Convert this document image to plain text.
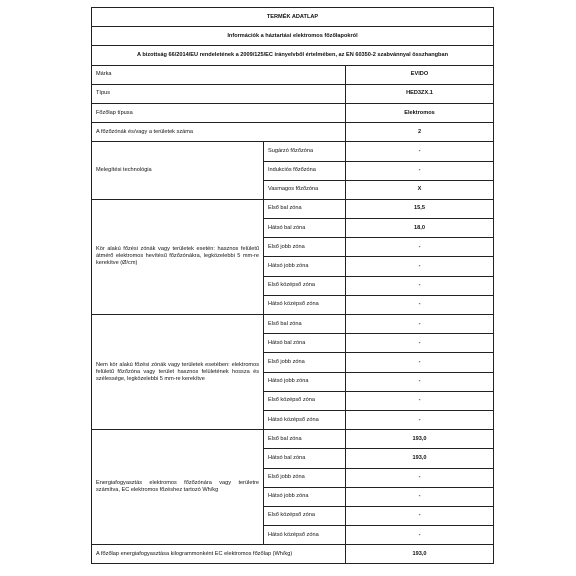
TERMÉK ADATLAP		
Információk a háztartási elektromos főzőlapokról		
A bizottság 66/2014/EU rendeletének a 2009/125/EC irányelvből értelmében, az EN 60350-2 szabvánnyal összhangban		
Márka		EVIDO
Típus		HED3ZX.1
Főzőlap típusa		Elektromos
A főzőzónák és/vagy a területek száma		2
Melegítési technológia	Sugárzó főzőzóna	-
	Indukciós főzőzóna	-
	Vasmagos főzőzóna	X
Kör alakú főzési zónák vagy területek esetén: hasznos felületű átmérő elektromos hevítésű főzőzónákra, legközelebbi 5 mm-re kerekítve (Ø/cm)	Első bal zóna	15,5
	Hátsó bal zóna	18,0
	Első jobb zóna	-
	Hátsó jobb zóna	-
	Első középső zóna	-
	Hátsó középső zóna	-
Nem kör alakú főzési zónák vagy területek esetében: elektromos felületű főzőzóna vagy terület hasznos felületének hossza és szélessége, legközelebbi 5 mm-re kerekítve	Első bal zóna	-
	Hátsó bal zóna	-
	Első jobb zóna	-
	Hátsó jobb zóna	-
	Első középső zóna	-
	Hátsó középső zóna	-
Energiafogyasztás elektromos főzőzónára vagy területre számítva, EC elektromos főzéshez tartozó Wh/kg	Első bal zóna	193,0
	Hátsó bal zóna	193,0
	Első jobb zóna	-
	Hátsó jobb zóna	-
	Első középső zóna	-
	Hátsó középső zóna	-
A főzőlap energiafogyasztása kilogrammonként EC elektromos főzőlap (Wh/kg)		193,0
